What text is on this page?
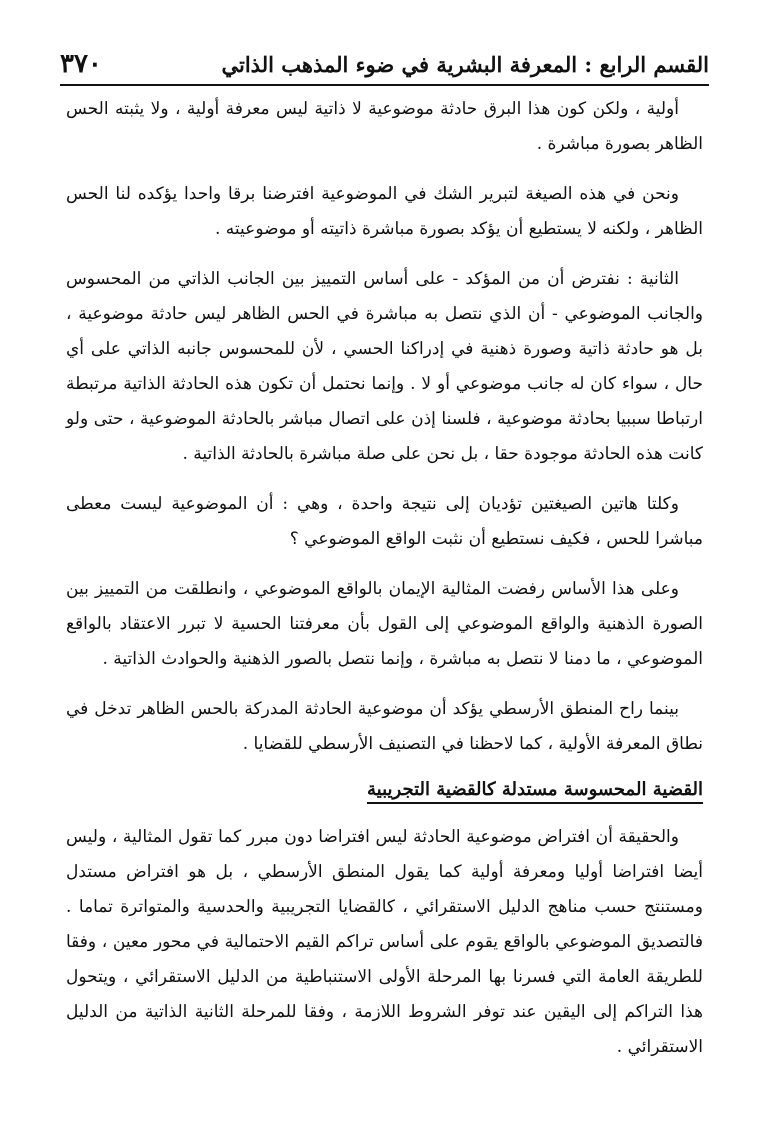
٣٧٠	القسم الرابع : المعرفة البشرية في ضوء المذهب الذاتي

أولية ، ولكن كون هذا البرق حادثة موضوعية لا ذاتية ليس معرفة أولية ، ولا يثبته الحس الظاهر بصورة مباشرة .

ونحن في هذه الصيغة لتبرير الشك في الموضوعية افترضنا برقا واحدا يؤكده لنا الحس الظاهر ، ولكنه لا يستطيع أن يؤكد بصورة مباشرة ذاتيته أو موضوعيته .

الثانية : نفترض أن من المؤكد - على أساس التمييز بين الجانب الذاتي من المحسوس والجانب الموضوعي - أن الذي نتصل به مباشرة في الحس الظاهر ليس حادثة موضوعية ، بل هو حادثة ذاتية وصورة ذهنية في إدراكنا الحسي ، لأن للمحسوس جانبه الذاتي على أي حال ، سواء كان له جانب موضوعي أو لا . وإنما نحتمل أن تكون هذه الحادثة الذاتية مرتبطة ارتباطا سببيا بحادثة موضوعية ، فلسنا إذن على اتصال مباشر بالحادثة الموضوعية ، حتى ولو كانت هذه الحادثة موجودة حقا ، بل نحن على صلة مباشرة بالحادثة الذاتية .

وكلتا هاتين الصيغتين تؤديان إلى نتيجة واحدة ، وهي : أن الموضوعية ليست معطى مباشرا للحس ، فكيف نستطيع أن نثبت الواقع الموضوعي ؟

وعلى هذا الأساس رفضت المثالية الإيمان بالواقع الموضوعي ، وانطلقت من التمييز بين الصورة الذهنية والواقع الموضوعي إلى القول بأن معرفتنا الحسية لا تبرر الاعتقاد بالواقع الموضوعي ، ما دمنا لا نتصل به مباشرة ، وإنما نتصل بالصور الذهنية والحوادث الذاتية .

بينما راح المنطق الأرسطي يؤكد أن موضوعية الحادثة المدركة بالحس الظاهر تدخل في نطاق المعرفة الأولية ، كما لاحظنا في التصنيف الأرسطي للقضايا .

القضية المحسوسة مستدلة كالقضية التجريبية

والحقيقة أن افتراض موضوعية الحادثة ليس افتراضا دون مبرر كما تقول المثالية ، وليس أيضا افتراضا أوليا ومعرفة أولية كما يقول المنطق الأرسطي ، بل هو افتراض مستدل ومستنتج حسب مناهج الدليل الاستقرائي ، كالقضايا التجريبية والحدسية والمتواترة تماما . فالتصديق الموضوعي بالواقع يقوم على أساس تراكم القيم الاحتمالية في محور معين ، وفقا للطريقة العامة التي فسرنا بها المرحلة الأولى الاستنباطية من الدليل الاستقرائي ، ويتحول هذا التراكم إلى اليقين عند توفر الشروط اللازمة ، وفقا للمرحلة الثانية الذاتية من الدليل الاستقرائي .
